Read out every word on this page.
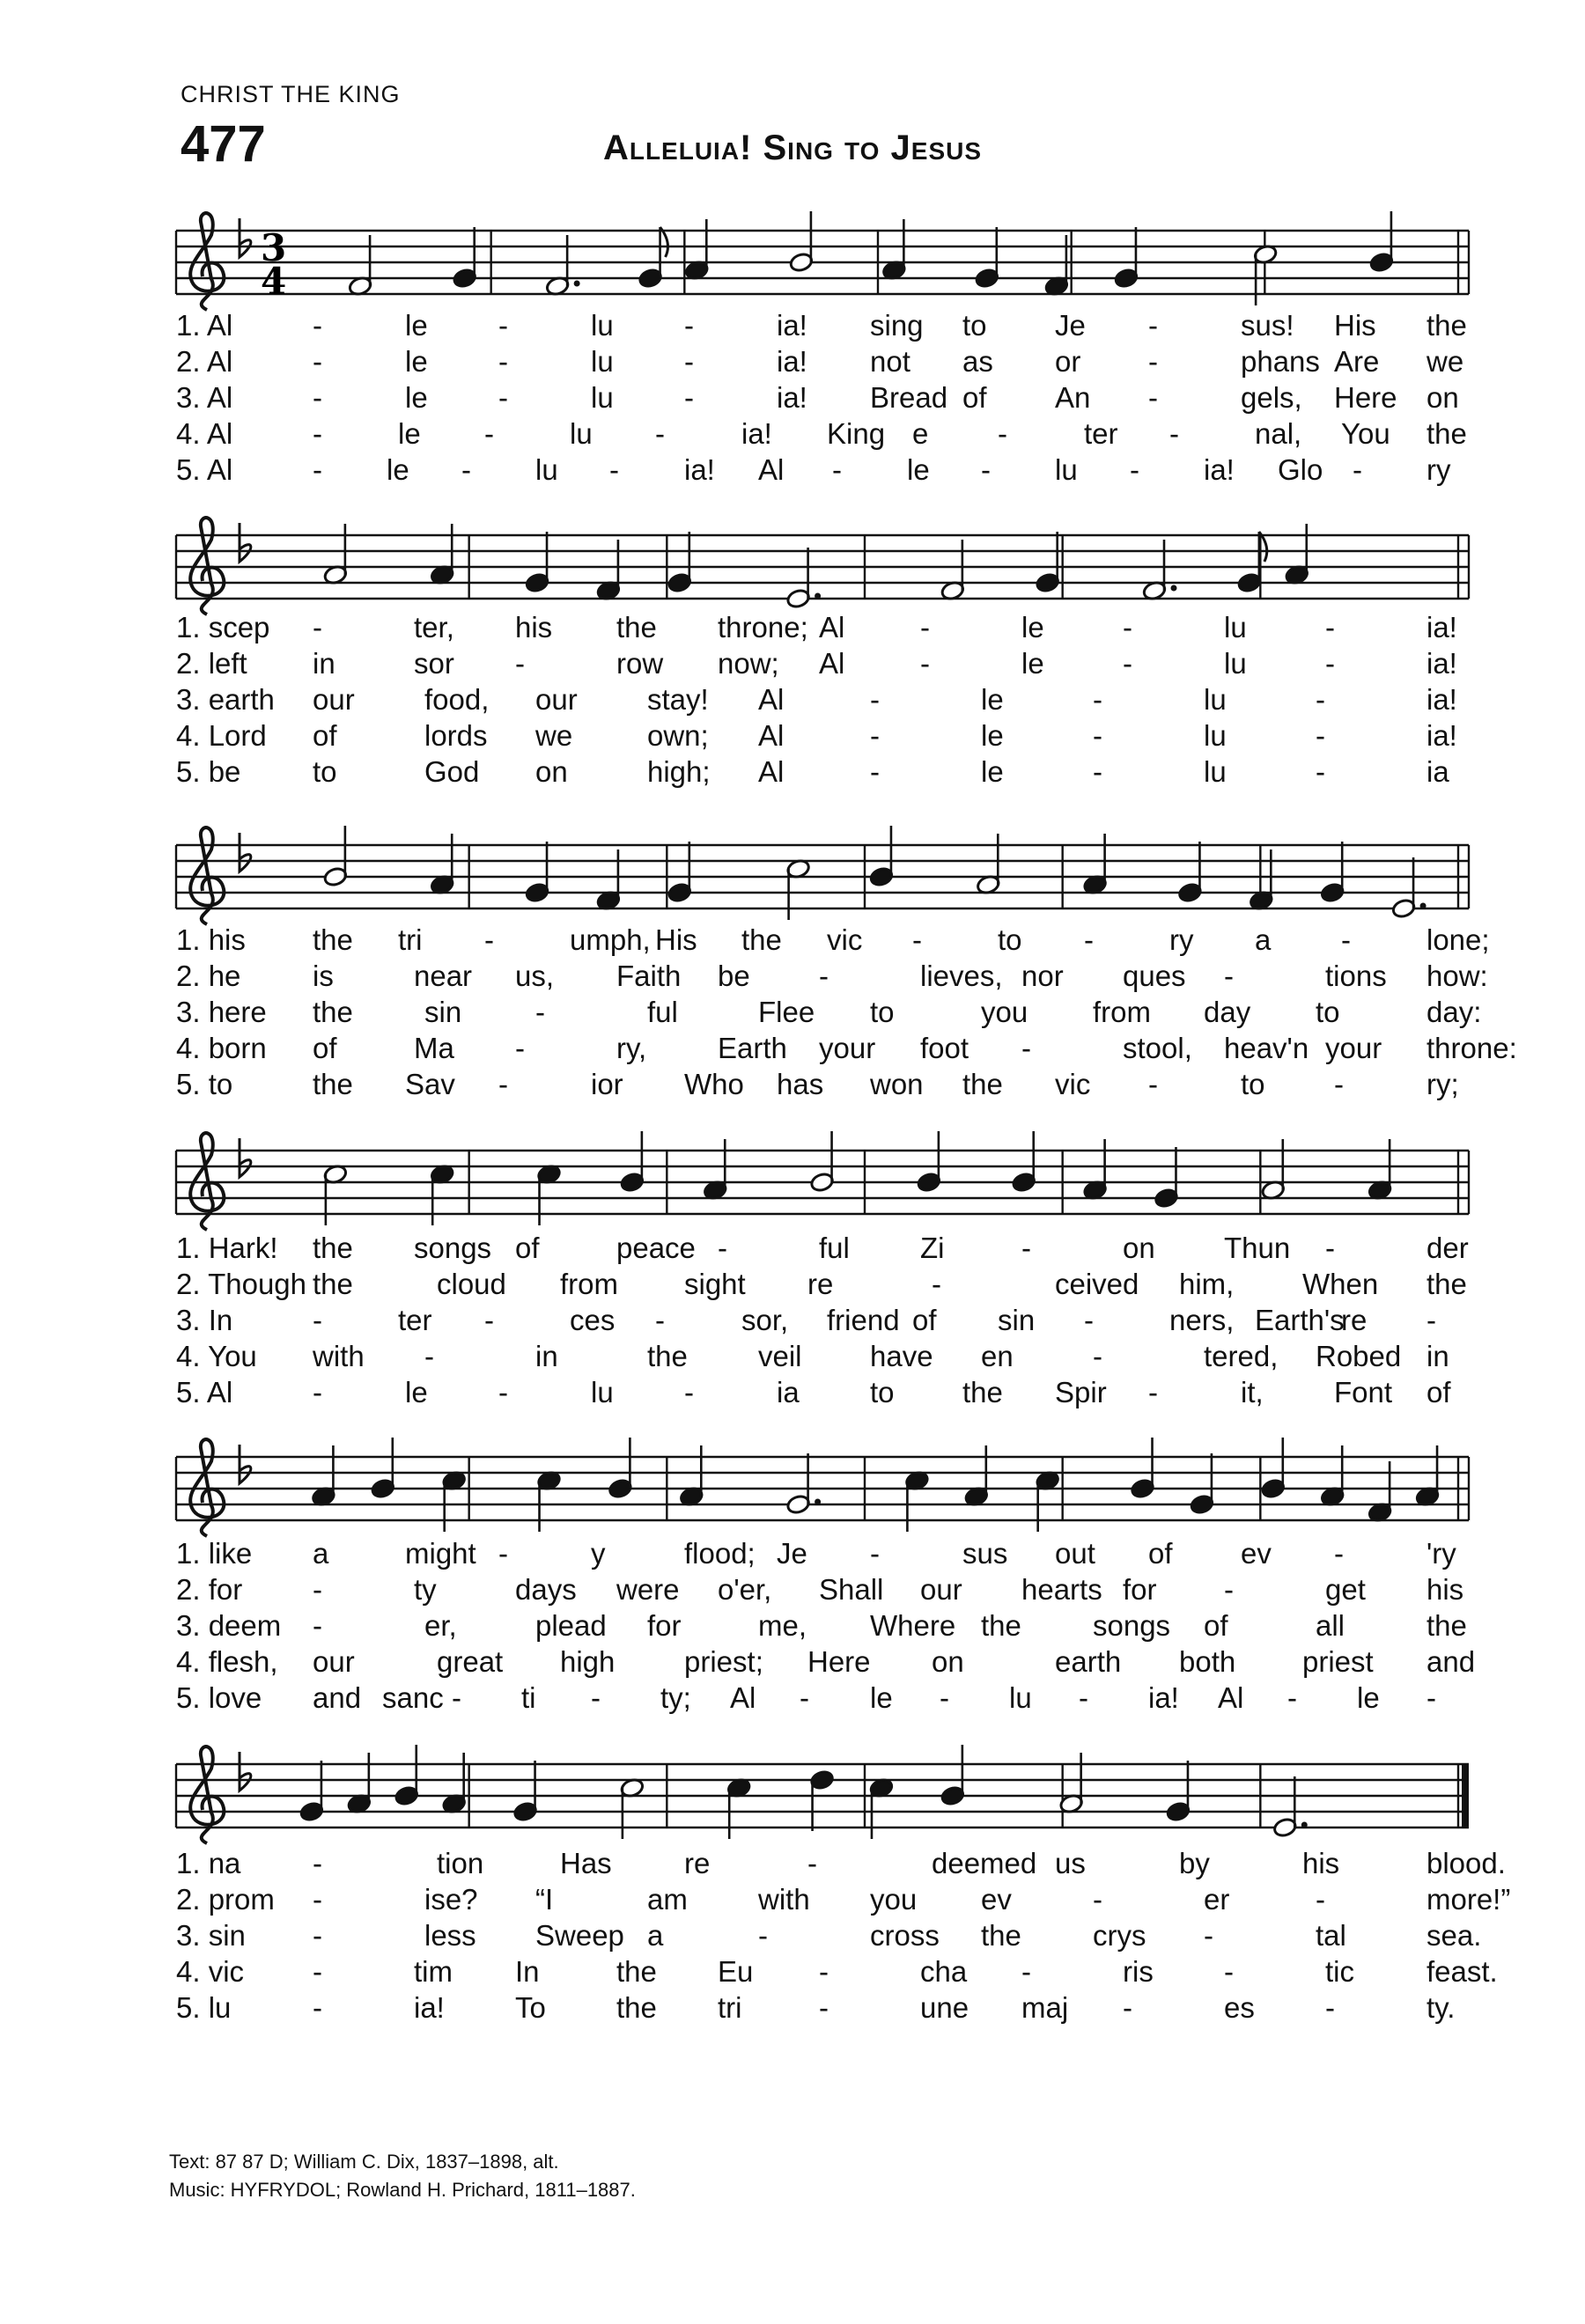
CHRIST THE KING
477	Alleluia! Sing to Jesus
3
4
1. Al	-	le -	lu -	ia! sing to Je -	sus! His the
2. Al	-	le -	lu -	ia! not as or -	phans Are we
3. Al	-	le -	lu -	ia! Bread of An -	gels, Here on
4. Al	-	le -	lu -	ia! King e -	ter -	nal, You the
5. Al	- le - lu - ia! Al - le - lu - ia! Glo - ry
1. scep -	ter, his the throne; Al	-	le	-	lu	-	ia!
2. left in	sor -	row now; Al	-	le	-	lu	-	ia!
3. earth our food, our stay! Al	-	le	-	lu	-	ia!
4. Lord of	lords we	own; Al	-	le	-	lu	-	ia!
5. be to	God on	high; Al	-	le	-	lu	-	ia
1. his the tri -	umph, His the vic -	to -	ry a -	lone;
2. he is	near us, Faith be -	lieves, nor ques -	tions how:
3. here the sin	-	ful	Flee to	you from day to	day:
4. born of	Ma -	ry, Earth your foot -	stool, heav'n your throne:
5. to	the Sav -	ior Who has won the vic -	to -	ry;
1. Hark! the songs of	peace -	ful Zi	-	on Thun -	der
2. Though the	cloud from sight re	-	ceived him, When the
3. In	-	ter -	ces -	sor, friend of sin -	ners, Earth's
re -
4. You with -	in	the veil have en	-	tered, Robed in
5. Al	-	le -	lu -	ia to the Spir -	it, Font of
1. like a	might -	y	flood; Je -	sus out of ev -	'ry
2. for -	ty	days were o'er, Shall our hearts for -	get his
3. deem -	er,	plead for	me, Where the songs of	all	the
4. flesh, our	great high priest; Here on	earth both priest and
5. love and sanc - ti - ty; Al - le - lu - ia! Al - le -
1. na -	tion	Has re	-	deemed us	by	his	blood.
2. prom -	ise? “I	am with you ev	-	er	-	more!”
3. sin -	less Sweep a	-	cross the crys -	tal	sea.
4. vic -	tim In	the Eu -	cha -	ris -	tic feast.
5. lu	-	ia! To the tri	-	une maj -	es -	ty.
Text: 87 87 D; William C. Dix, 1837–1898, alt.
Music: HYFRYDOL; Rowland H. Prichard, 1811–1887.
